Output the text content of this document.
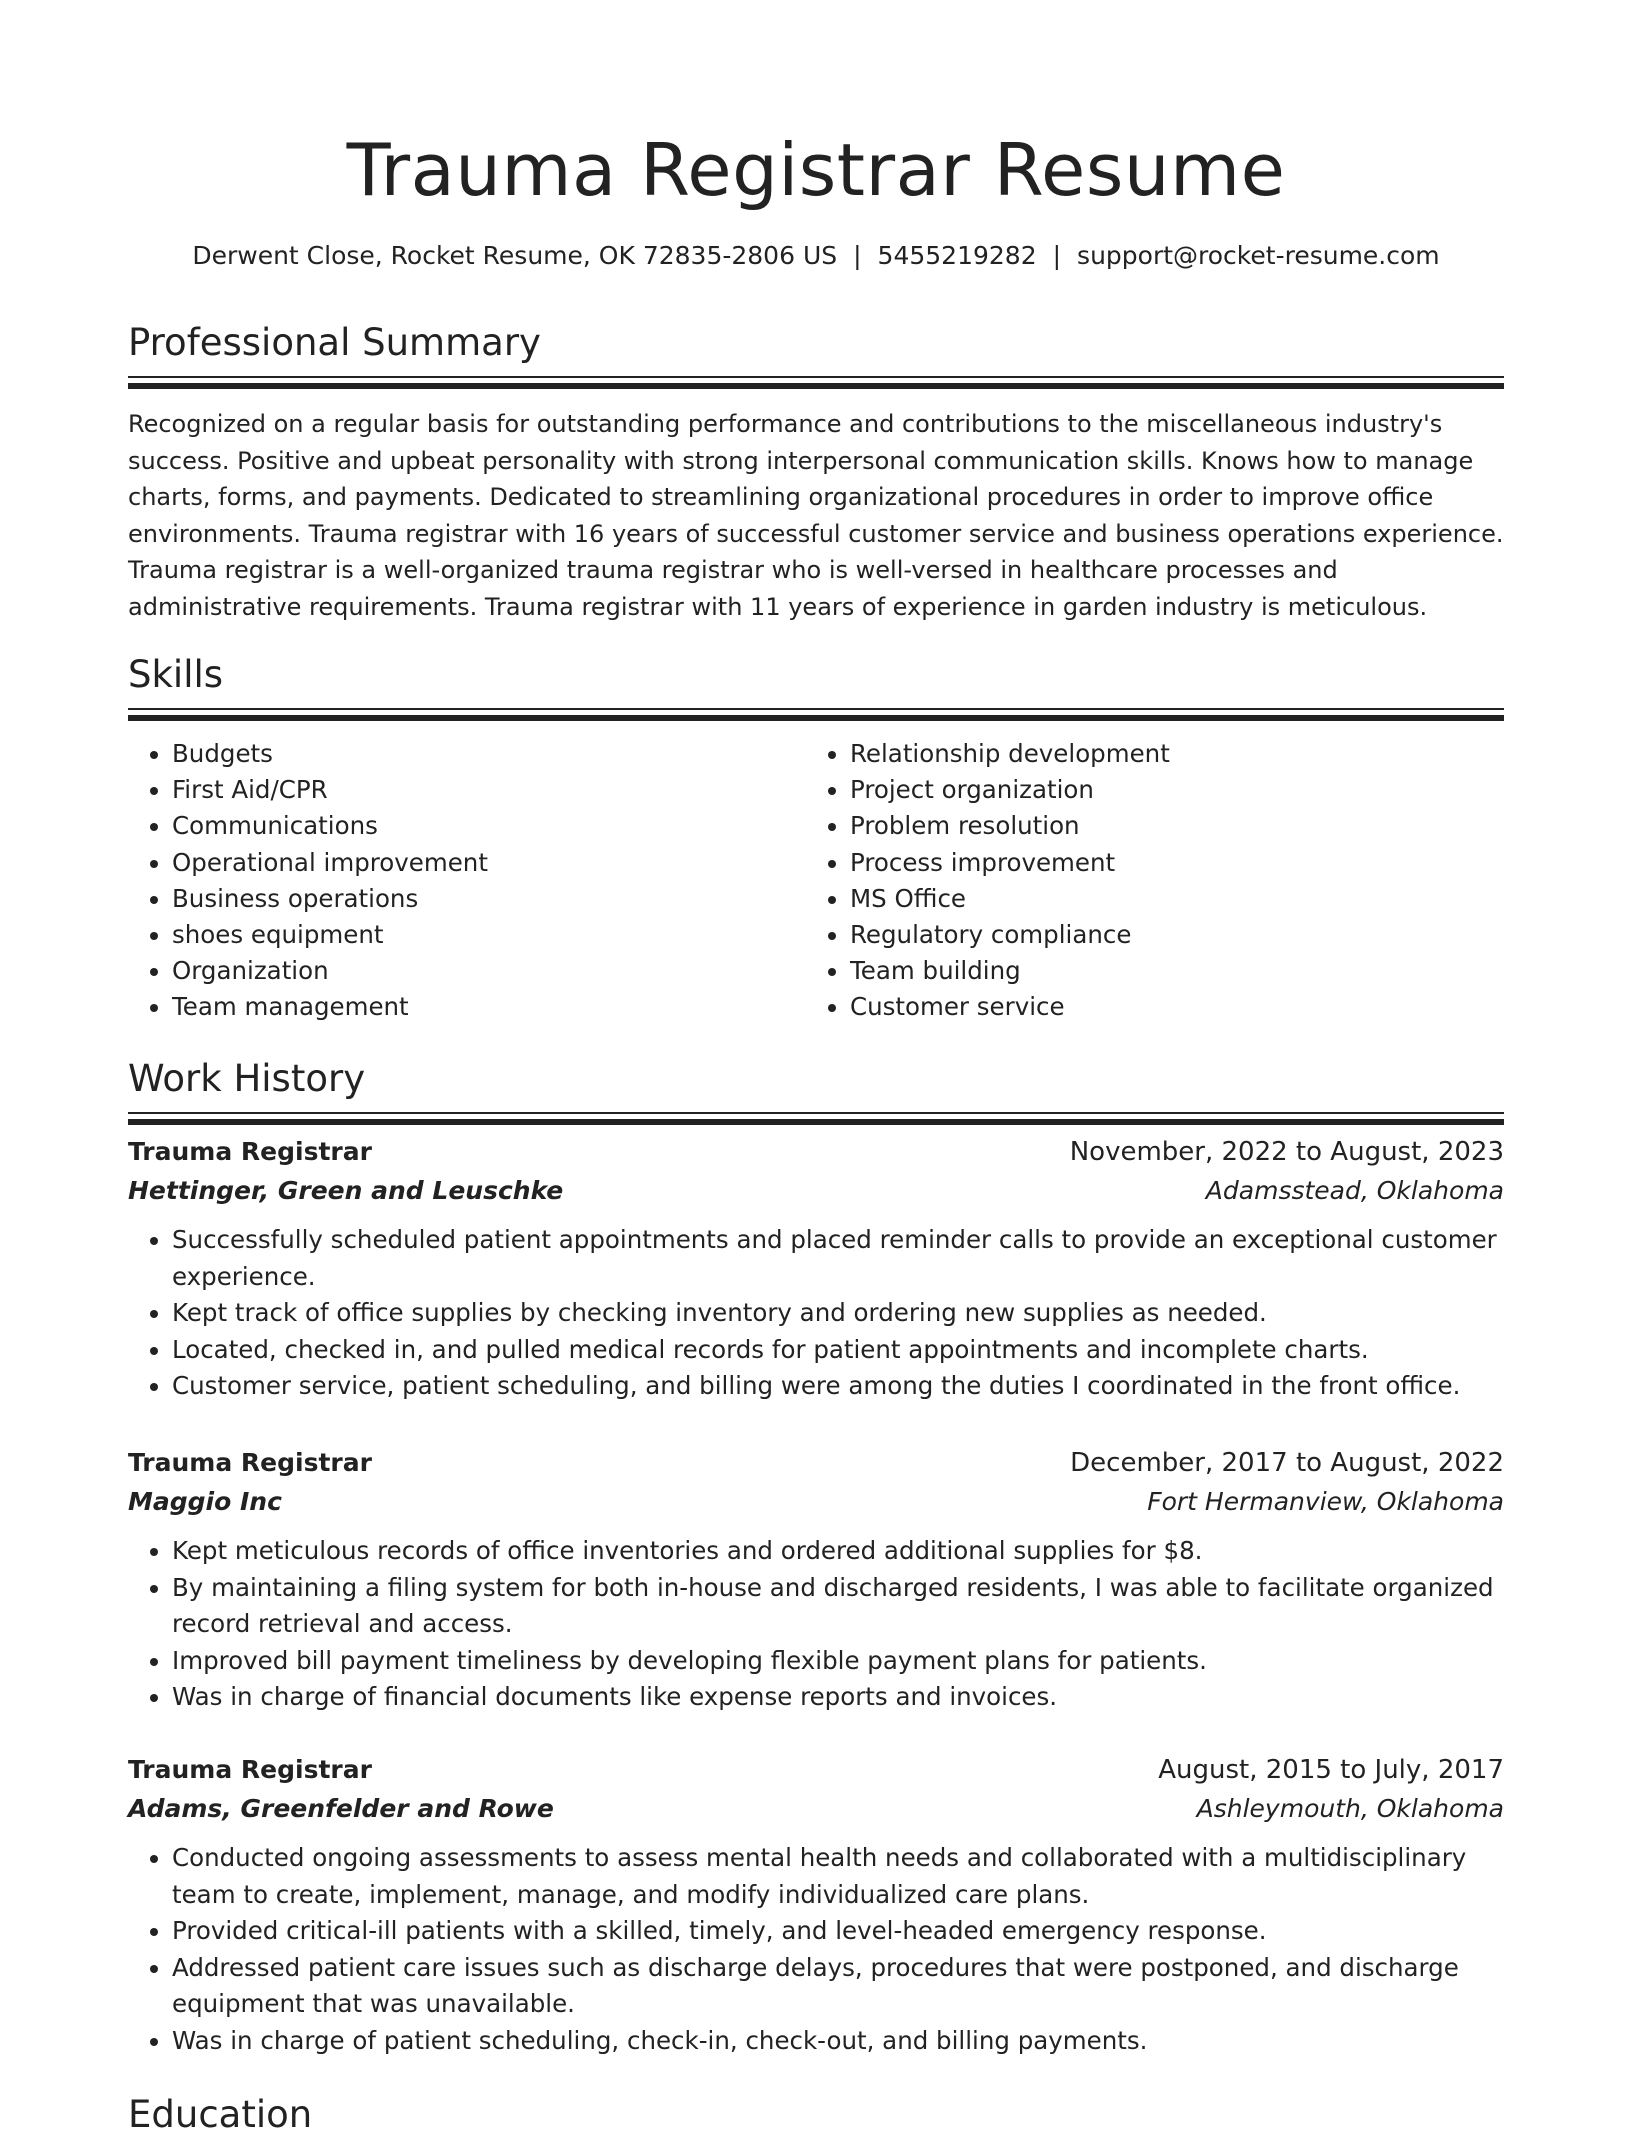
Trauma Registrar Resume
Derwent Close, Rocket Resume, OK 72835-2806 US | 5455219282 | support@rocket-resume.com
Professional Summary

Recognized on a regular basis for outstanding performance and contributions to the miscellaneous industry's success. Positive and upbeat personality with strong interpersonal communication skills. Knows how to manage charts, forms, and payments. Dedicated to streamlining organizational procedures in order to improve office environments. Trauma registrar with 16 years of successful customer service and business operations experience. Trauma registrar is a well-organized trauma registrar who is well-versed in healthcare processes and administrative requirements. Trauma registrar with 11 years of experience in garden industry is meticulous.

Skills
• Budgets
• First Aid/CPR
• Communications
• Operational improvement
• Business operations
• shoes equipment
• Organization
• Team management
• Relationship development
• Project organization
• Problem resolution
• Process improvement
• MS Office
• Regulatory compliance
• Team building
• Customer service
Work History
Trauma Registrar	November, 2022 to August, 2023
Hettinger, Green and Leuschke	Adamsstead, Oklahoma
• Successfully scheduled patient appointments and placed reminder calls to provide an exceptional customer experience.
• Kept track of office supplies by checking inventory and ordering new supplies as needed.
• Located, checked in, and pulled medical records for patient appointments and incomplete charts.
• Customer service, patient scheduling, and billing were among the duties I coordinated in the front office.
Trauma Registrar	December, 2017 to August, 2022
Maggio Inc	Fort Hermanview, Oklahoma
• Kept meticulous records of office inventories and ordered additional supplies for $8.
• By maintaining a filing system for both in-house and discharged residents, I was able to facilitate organized record retrieval and access.
• Improved bill payment timeliness by developing flexible payment plans for patients.
• Was in charge of financial documents like expense reports and invoices.
Trauma Registrar	August, 2015 to July, 2017
Adams, Greenfelder and Rowe	Ashleymouth, Oklahoma
• Conducted ongoing assessments to assess mental health needs and collaborated with a multidisciplinary team to create, implement, manage, and modify individualized care plans.
• Provided critical-ill patients with a skilled, timely, and level-headed emergency response.
• Addressed patient care issues such as discharge delays, procedures that were postponed, and discharge equipment that was unavailable.
• Was in charge of patient scheduling, check-in, check-out, and billing payments.
Education
